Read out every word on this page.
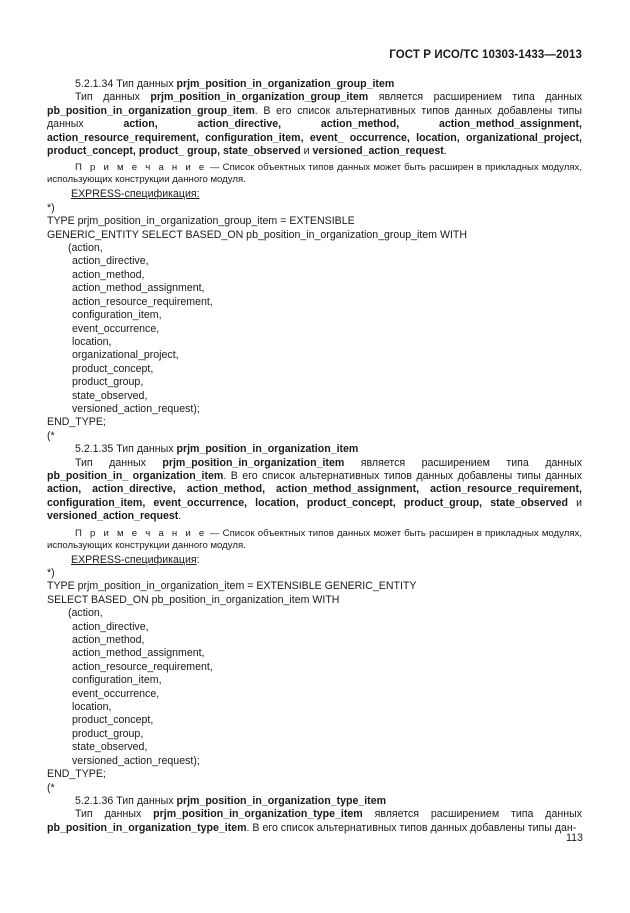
ГОСТ Р ИСО/ТС 10303-1433—2013

5.2.1.34 Тип данных prjm_position_in_organization_group_item

Тип данных prjm_position_in_organization_group_item является расширением типа данных pb_position_in_organization_group_item. В его список альтернативных типов данных добавлены типы данных action, action_directive, action_method, action_method_assignment, action_resource_requirement, configuration_item, event_ occurrence, location, organizational_project, product_concept, product_ group, state_observed и versioned_action_request.

П р и м е ч а н и е — Список объектных типов данных может быть расширен в прикладных модулях, использующих конструкции данного модуля.

EXPRESS-спецификация:

*)
TYPE prjm_position_in_organization_group_item = EXTENSIBLE
GENERIC_ENTITY SELECT BASED_ON pb_position_in_organization_group_item WITH
(action,
action_directive,
action_method,
action_method_assignment,
action_resource_requirement,
configuration_item,
event_occurrence,
location,
organizational_project,
product_concept,
product_group,
state_observed,
versioned_action_request);
END_TYPE;
(*

5.2.1.35 Тип данных prjm_position_in_organization_item

Тип данных prjm_position_in_organization_item является расширением типа данных pb_position_in_ organization_item. В его список альтернативных типов данных добавлены типы данных action, action_directive, action_method, action_method_assignment, action_resource_requirement, configuration_item, event_occurrence, location, product_concept, product_group, state_observed и versioned_action_request.

П р и м е ч а н и е — Список объектных типов данных может быть расширен в прикладных модулях, использующих конструкции данного модуля.

EXPRESS-спецификация:

*)
TYPE prjm_position_in_organization_item = EXTENSIBLE GENERIC_ENTITY
SELECT BASED_ON pb_position_in_organization_item WITH
(action,
action_directive,
action_method,
action_method_assignment,
action_resource_requirement,
configuration_item,
event_occurrence,
location,
product_concept,
product_group,
state_observed,
versioned_action_request);
END_TYPE;
(*

5.2.1.36 Тип данных prjm_position_in_organization_type_item

Тип данных prjm_position_in_organization_type_item является расширением типа данных pb_position_in_organization_type_item. В его список альтернативных типов данных добавлены типы дан-

113
